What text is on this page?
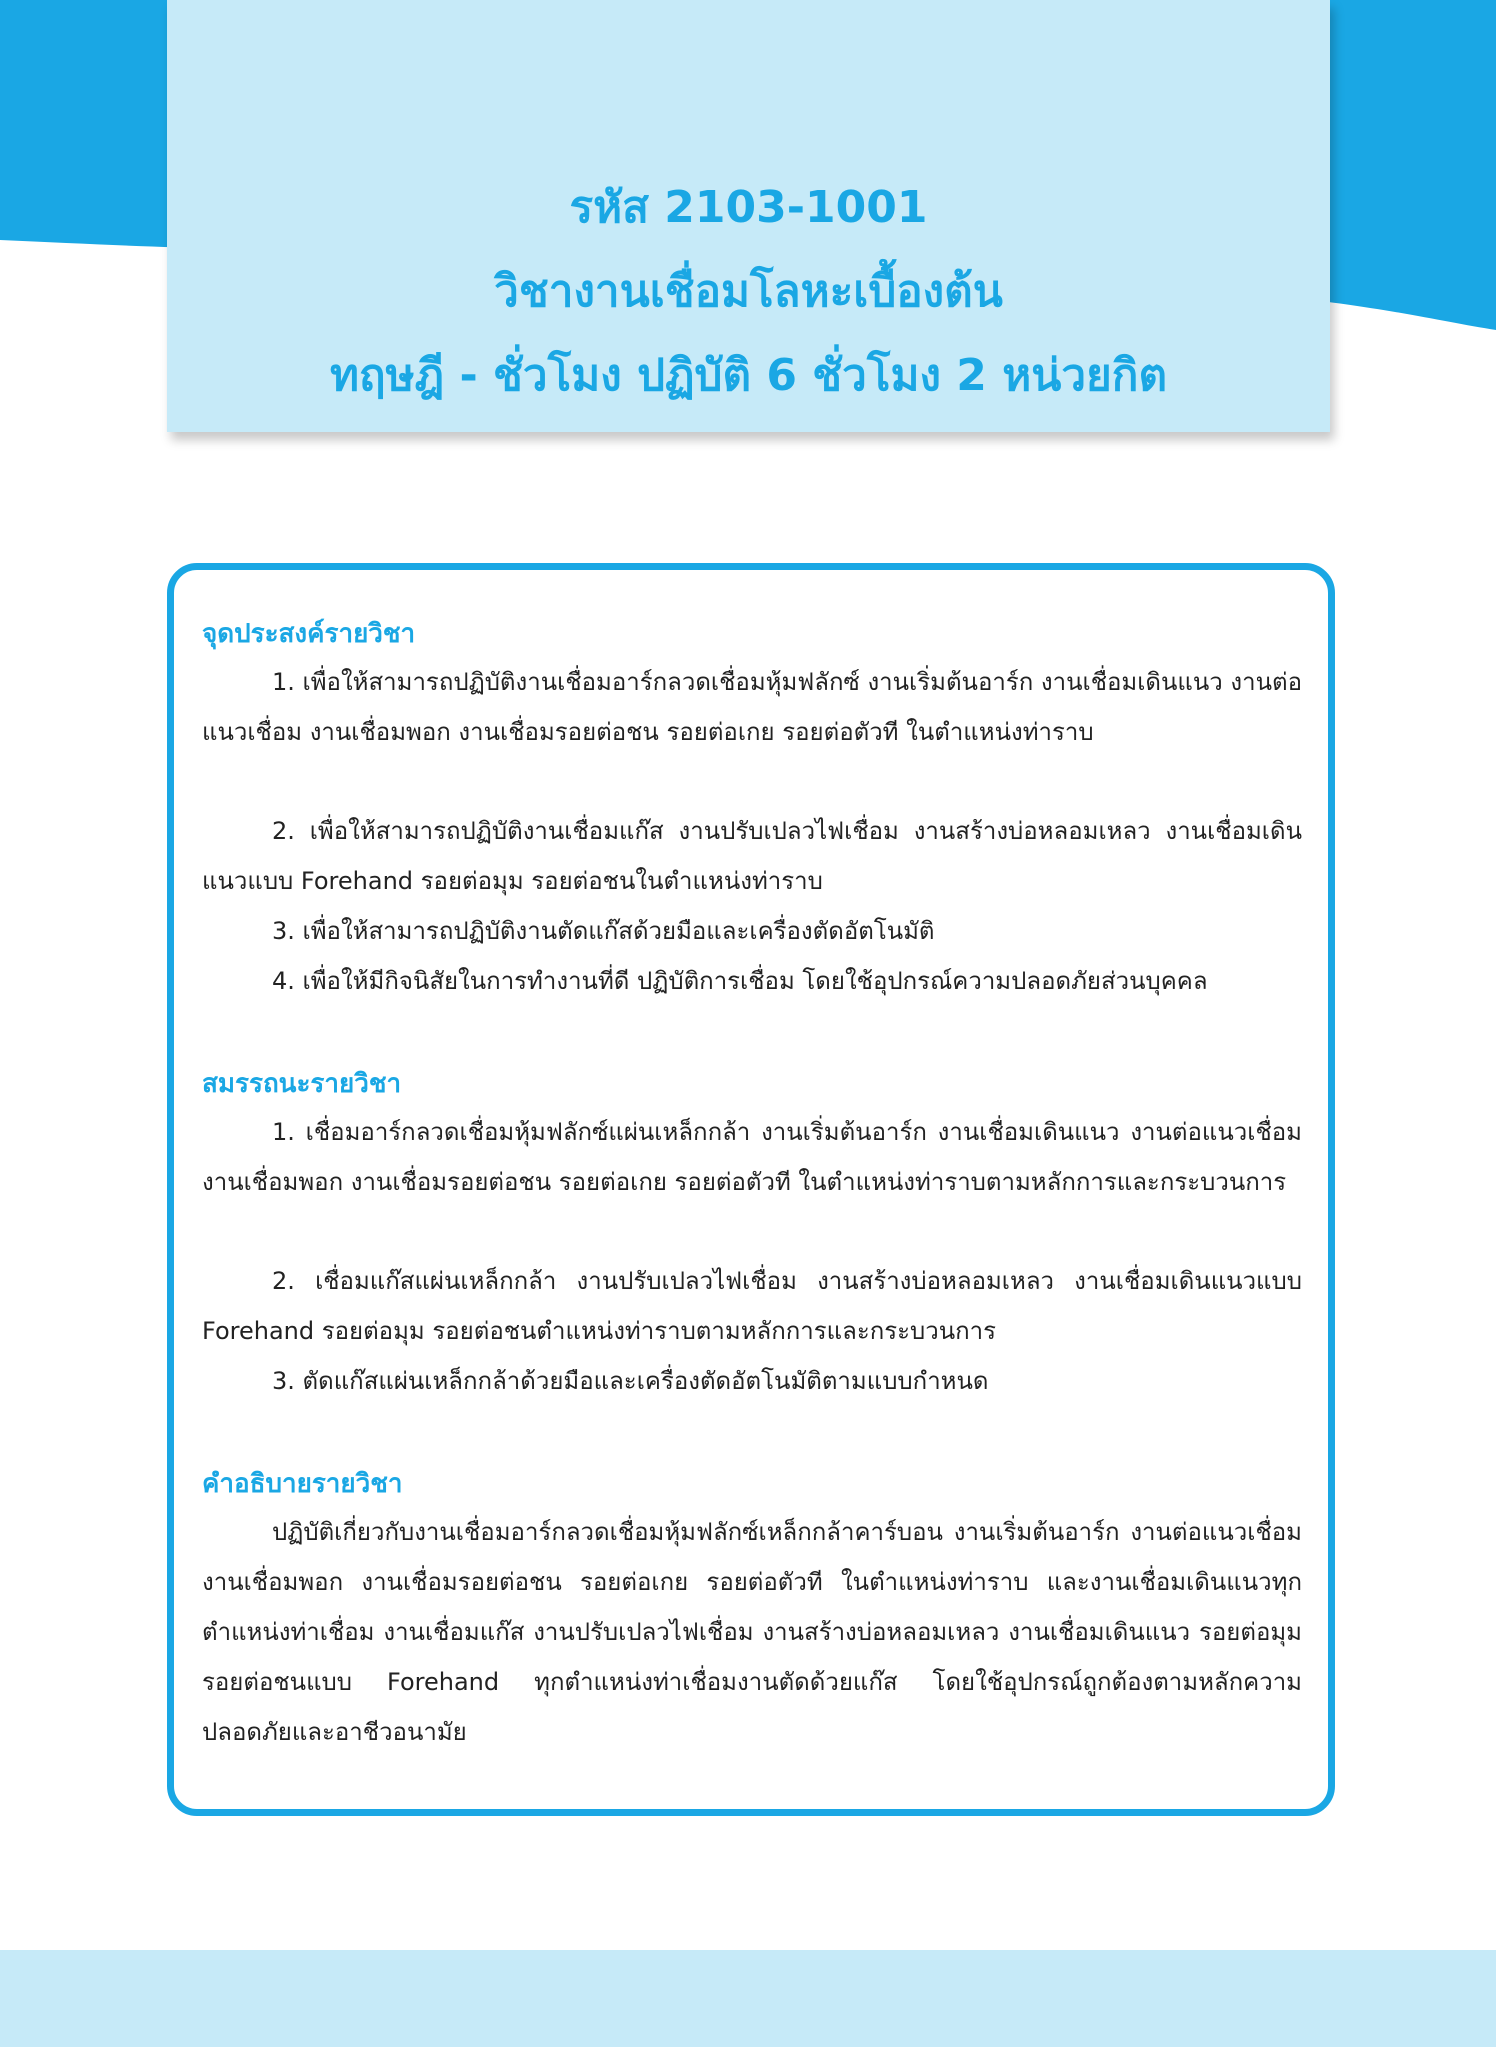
รหัส 2103-1001
วิชางานเชื่อมโลหะเบื้องต้น
ทฤษฎี - ชั่วโมง ปฏิบัติ 6 ชั่วโมง 2 หน่วยกิต
จุดประสงค์รายวิชา
1. เพื่อให้สามารถปฏิบัติงานเชื่อมอาร์กลวดเชื่อมหุ้มฟลักซ์ งานเริ่มต้นอาร์ก งานเชื่อมเดินแนว งานต่อแนวเชื่อม งานเชื่อมพอก งานเชื่อมรอยต่อชน รอยต่อเกย รอยต่อตัวที ในตำแหน่งท่าราบ
2. เพื่อให้สามารถปฏิบัติงานเชื่อมแก๊ส งานปรับเปลวไฟเชื่อม งานสร้างบ่อหลอมเหลว งานเชื่อมเดินแนวแบบ Forehand รอยต่อมุม รอยต่อชนในตำแหน่งท่าราบ
3. เพื่อให้สามารถปฏิบัติงานตัดแก๊สด้วยมือและเครื่องตัดอัตโนมัติ
4. เพื่อให้มีกิจนิสัยในการทำงานที่ดี ปฏิบัติการเชื่อม โดยใช้อุปกรณ์ความปลอดภัยส่วนบุคคล
สมรรถนะรายวิชา
1. เชื่อมอาร์กลวดเชื่อมหุ้มฟลักซ์แผ่นเหล็กกล้า งานเริ่มต้นอาร์ก งานเชื่อมเดินแนว งานต่อแนวเชื่อม งานเชื่อมพอก งานเชื่อมรอยต่อชน รอยต่อเกย รอยต่อตัวที ในตำแหน่งท่าราบตามหลักการและกระบวนการ
2. เชื่อมแก๊สแผ่นเหล็กกล้า งานปรับเปลวไฟเชื่อม งานสร้างบ่อหลอมเหลว งานเชื่อมเดินแนวแบบ Forehand รอยต่อมุม รอยต่อชนตำแหน่งท่าราบตามหลักการและกระบวนการ
3. ตัดแก๊สแผ่นเหล็กกล้าด้วยมือและเครื่องตัดอัตโนมัติตามแบบกำหนด
คำอธิบายรายวิชา
ปฏิบัติเกี่ยวกับงานเชื่อมอาร์กลวดเชื่อมหุ้มฟลักซ์เหล็กกล้าคาร์บอน งานเริ่มต้นอาร์ก งานต่อแนวเชื่อม งานเชื่อมพอก งานเชื่อมรอยต่อชน รอยต่อเกย รอยต่อตัวที ในตำแหน่งท่าราบ และงานเชื่อมเดินแนวทุกตำแหน่งท่าเชื่อม งานเชื่อมแก๊ส งานปรับเปลวไฟเชื่อม งานสร้างบ่อหลอมเหลว งานเชื่อมเดินแนว รอยต่อมุม รอยต่อชนแบบ Forehand ทุกตำแหน่งท่าเชื่อมงานตัดด้วยแก๊ส โดยใช้อุปกรณ์ถูกต้องตามหลักความปลอดภัยและอาชีวอนามัย
